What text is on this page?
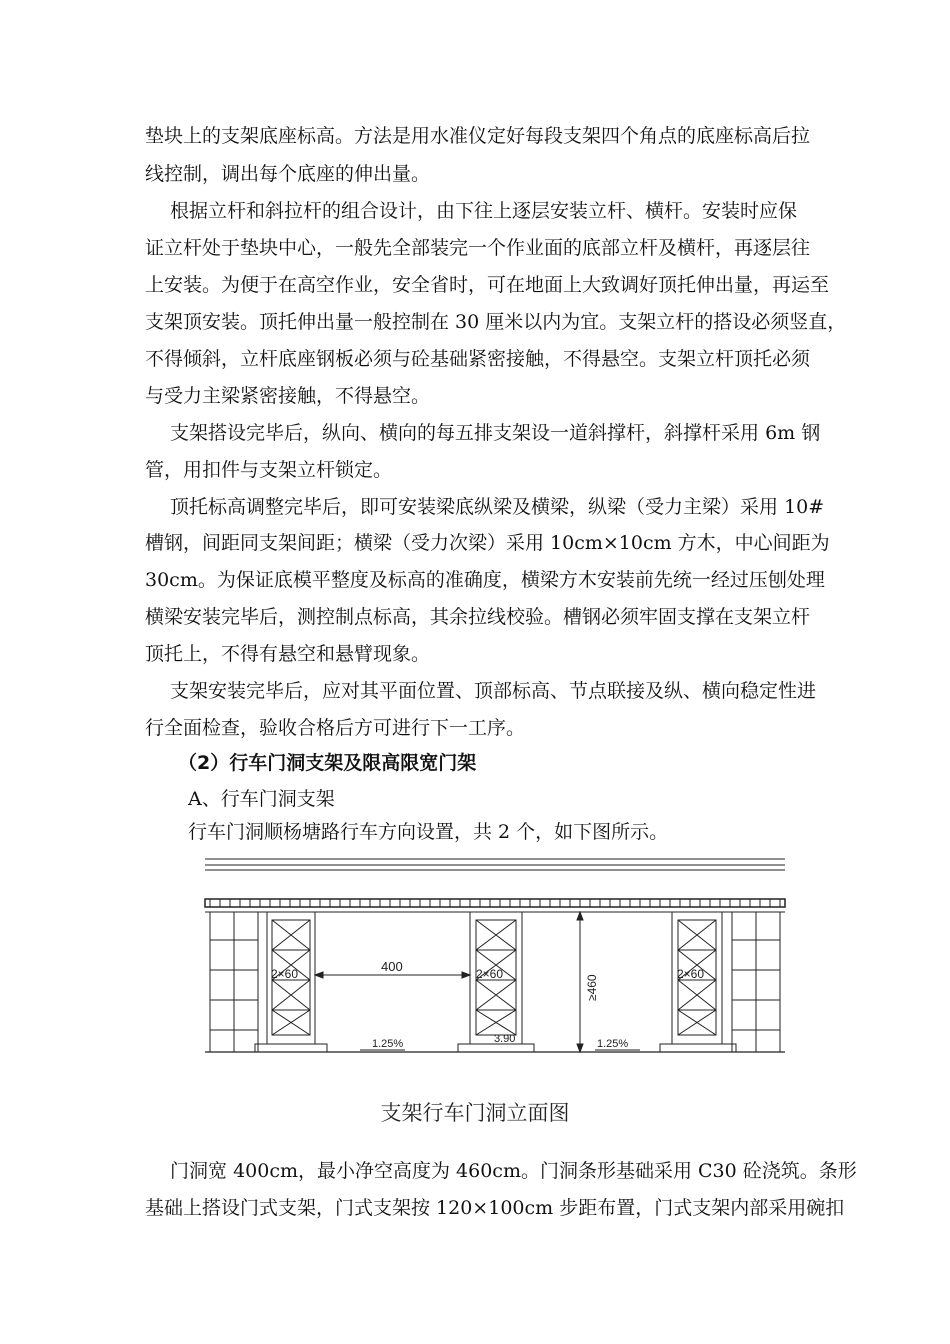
垫块上的支架底座标高。方法是用水准仪定好每段支架四个角点的底座标高后拉

线控制，调出每个底座的伸出量。

　 根据立杆和斜拉杆的组合设计，由下往上逐层安装立杆、横杆。安装时应保

证立杆处于垫块中心，一般先全部装完一个作业面的底部立杆及横杆，再逐层往

上安装。为便于在高空作业，安全省时，可在地面上大致调好顶托伸出量，再运至

支架顶安装。顶托伸出量一般控制在 30 厘米以内为宜。支架立杆的搭设必须竖直，

不得倾斜，立杆底座钢板必须与砼基础紧密接触，不得悬空。支架立杆顶托必须

与受力主梁紧密接触，不得悬空。

　 支架搭设完毕后，纵向、横向的每五排支架设一道斜撑杆，斜撑杆采用 6m 钢

管，用扣件与支架立杆锁定。

　 顶托标高调整完毕后，即可安装梁底纵梁及横梁，纵梁（受力主梁）采用 10#

槽钢，间距同支架间距；横梁（受力次梁）采用 10cm×10cm 方木，中心间距为

30cm。为保证底模平整度及标高的准确度，横梁方木安装前先统一经过压刨处理

横梁安装完毕后，测控制点标高，其余拉线校验。槽钢必须牢固支撑在支架立杆

顶托上，不得有悬空和悬臂现象。

　 支架安装完毕后，应对其平面位置、顶部标高、节点联接及纵、横向稳定性进

行全面检查，验收合格后方可进行下一工序。

（2）行车门洞支架及限高限宽门架

A、行车门洞支架

行车门洞顺杨塘路行车方向设置，共 2 个，如下图所示。

2×60	2×60	2×60
400
≥460
1.25%	1.25%
3.90

支架行车门洞立面图

　 门洞宽 400cm，最小净空高度为 460cm。门洞条形基础采用 C30 砼浇筑。条形

基础上搭设门式支架，门式支架按 120×100cm 步距布置，门式支架内部采用碗扣
